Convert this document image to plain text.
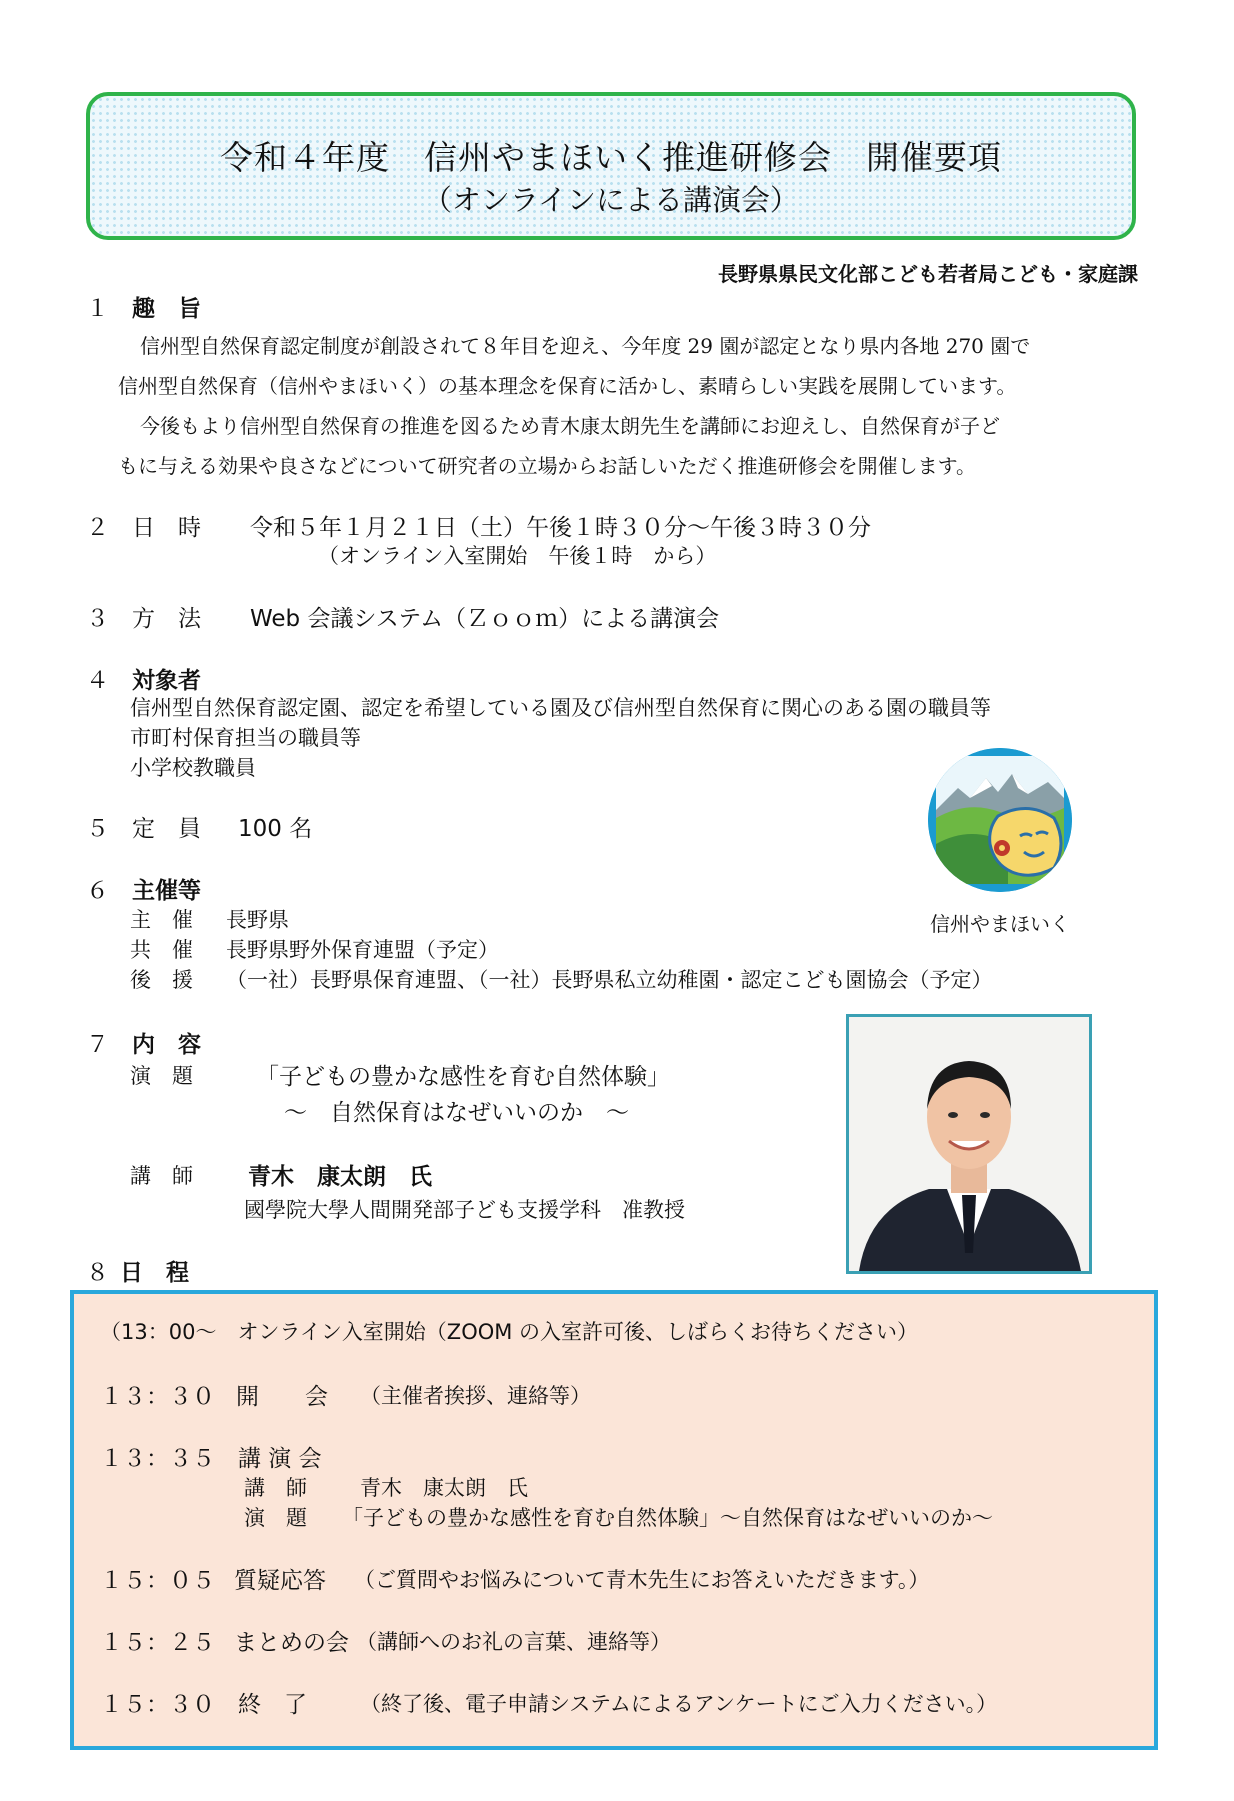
令和４年度　信州やまほいく推進研修会　開催要項
（オンラインによる講演会）
長野県県民文化部こども若者局こども・家庭課
１ 趣　旨
信州型自然保育認定制度が創設されて８年目を迎え、今年度 29 園が認定となり県内各地 270 園で
信州型自然保育（信州やまほいく）の基本理念を保育に活かし、素晴らしい実践を展開しています。
今後もより信州型自然保育の推進を図るため青木康太朗先生を講師にお迎えし、自然保育が子ど
もに与える効果や良さなどについて研究者の立場からお話しいただく推進研修会を開催します。
２ 日　時 令和５年１月２１日（土）午後１時３０分〜午後３時３０分
（オンライン入室開始　午後１時　から）
３ 方　法 Web 会議システム（Ｚｏｏｍ）による講演会
４ 対象者
信州型自然保育認定園、認定を希望している園及び信州型自然保育に関心のある園の職員等
市町村保育担当の職員等
小学校教職員
５ 定　員 100 名
信州やまほいく
６ 主催等
主　催 長野県
共　催 長野県野外保育連盟（予定）
後　援 （一社）長野県保育連盟、（一社）長野県私立幼稚園・認定こども園協会（予定）
７ 内　容
演　題	「子どもの豊かな感性を育む自然体験」
〜　自然保育はなぜいいのか　〜
講　師 青木　康太朗　氏
國學院大學人間開発部子ども支援学科　准教授
８ 日　程
（13：00〜　オンライン入室開始（ZOOM の入室許可後、しばらくお待ちください）
１３：３０ 開　　会 （主催者挨拶、連絡等）
１３：３５ 講 演 会
講　師	青木　康太朗　氏
演　題 「子どもの豊かな感性を育む自然体験」〜自然保育はなぜいいのか〜
１５：０５ 質疑応答 （ご質問やお悩みについて青木先生にお答えいただきます。）
１５：２５ まとめの会 （講師へのお礼の言葉、連絡等）
１５：３０ 終　了	（終了後、電子申請システムによるアンケートにご入力ください。）
